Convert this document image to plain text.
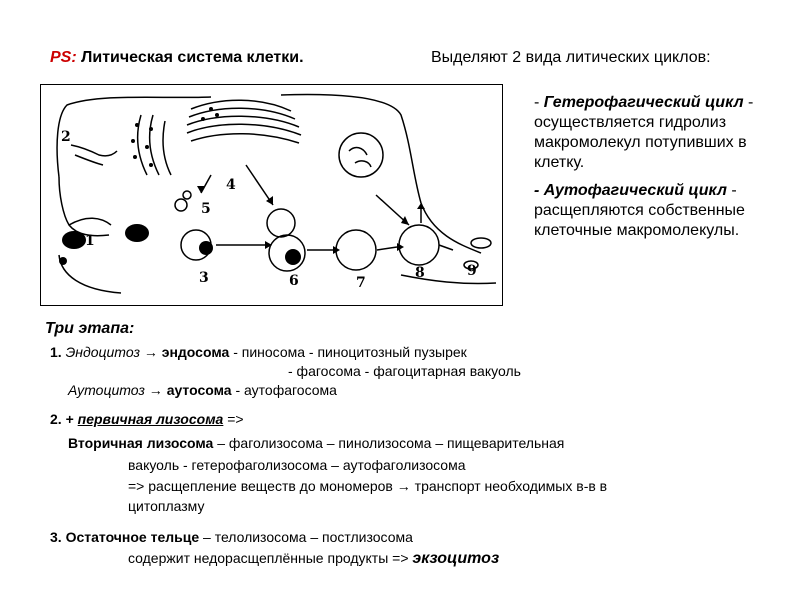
PS: Литическая система клетки.	Выделяют 2 вида литических циклов:
1
2
3
4
5
6	7
8	9
- Гетерофагический цикл - осуществляется гидролиз макромолекул потупивших в клетку.
- Аутофагический цикл - расщепляются собственные клеточные макромолекулы.
Три этапа:
1. Эндоцитоз → эндосома - пиносома - пиноцитозный пузырек
- фагосома - фагоцитарная вакуоль
Аутоцитоз → аутосома - аутофагосома
2. + первичная лизосома =>
Вторичная лизосома – фаголизосома – пинолизосома – пищеварительная
вакуоль - гетерофаголизосома – аутофаголизосома
=> расщепление веществ до мономеров → транспорт необходимых в-в в
цитоплазму
3. Остаточное тельце – телолизосома – постлизосома
содержит недорасщеплённые продукты => экзоцитоз
